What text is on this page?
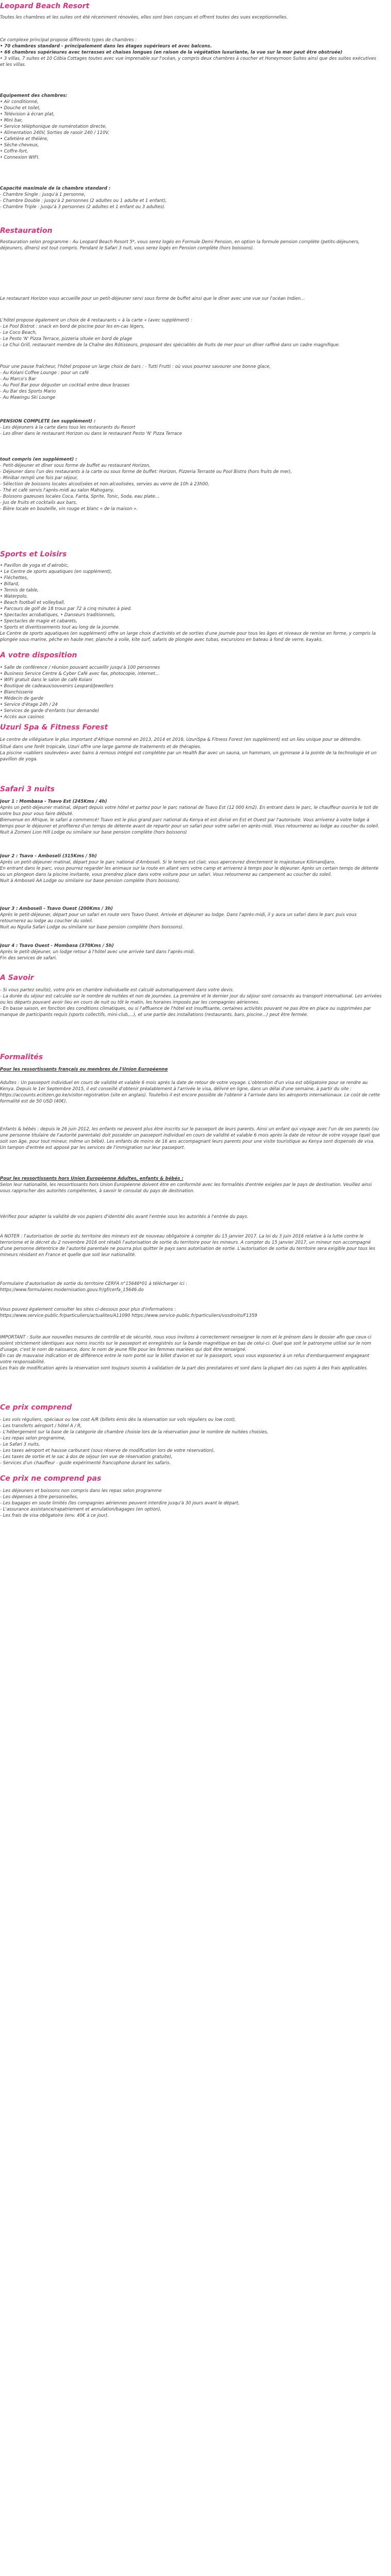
Leopard Beach Resort

Toutes les chambres et les suites ont été récemment rénovées, elles sont bien conçues et offrent toutes des vues exceptionnelles.

Ce complexe principal propose différents types de chambres :

• 70 chambres standard - principalement dans les étages supérieurs et avec balcons.
• 66 chambres supérieures avec terrasses et chaises longues (en raison de la végétation luxuriante, la vue sur la mer peut être obstruée)
• 3 villas, 7 suites et 10 Cóbia Cottages toutes avec vue imprenable sur l'océan, y compris deux chambres à coucher et Honeymoon Suites ainsi que des suites exécutives et les villas.

Equipement des chambres:

• Air conditionné,
• Douche et toilet,
• Télévision à écran plat,
• Mini bar,
• Service téléphonique de numérotation directe,
• Alimentation 240V, Sorties de rasoir 240 / 110V,
• Cafetière et théière,
• Sèche-cheveux,
• Coffre-fort,
• Connexion WIFI.

Capacité maximale de la chambre standard :

- Chambre Single : jusqu'à 1 personne,

- Chambre Double : jusqu'à 2 personnes (2 adultes ou 1 adulte et 1 enfant),

- Chambre Triple : jusqu'à 3 personnes (2 adultes et 1 enfant ou 3 adultes).

Restauration

Restauration selon programme : Au Leopard Beach Resort 5*, vous serez logés en Formule Demi Pension, en option la formule pension complète (petits-déjeuners, déjeuners, dîners) est tout compris. Pendant le Safari 3 nuit, vous serez logés en Pension complète (hors boissons).

Le restaurant Horizon vous accueille pour un petit-déjeuner servi sous forme de buffet ainsi que le dîner avec une vue sur l'océan Indien...

L'hôtel propose également un choix de 4 restaurants « à la carte » (avec supplément) :

- Le Pool Bistrot : snack en bord de piscine pour les en-cas légers,

- Le Coco Beach,

- Le Pesto 'N' Pizza Terrace, pizzeria située en bord de plage

- Le Chui Grill, restaurant membre de la Chaîne des Rôtisseurs, proposant des spécialités de fruits de mer pour un dîner raffiné dans un cadre magnifique.

Pour une pause fraîcheur, l'hôtel propose un large choix de bars : - Tutti Frutti : où vous pourrez savourer une bonne glace,

- Au Kolani Coffee Lounge : pour un café

- Au Marco's Bar

- Au Pool Bar pour déguster un cocktail entre deux brasses

- Au Bar des Sports Mario

- Au Mawingu Ski Lounge

PENSION COMPLETE (en supplément) :

- Les déjeuners à la carte dans tous les restaurants du Resort

- Les dîner dans le restaurant Horizon ou dans le restaurant Pesto 'N' Pizza Terrace

tout compris (en supplément) :

- Petit-déjeuner et dîner sous forme de buffet au restaurant Horizon,

- Déjeuner dans l'un des restaurants à la carte ou sous forme de buffet: Horizon, Pizzeria Terrasté ou Pool Bistro (hors fruits de mer),

- Minibar rempli une fois par séjour,

- Sélection de boissons locales alcoolisées et non-alcoolisées, servies au verre de 10h à 23h00,

- Thé et café servis l'après-midi au salon Mahogany,

- Boissons gazeuses locales Coca, Fanta, Sprite, Tonic, Soda, eau plate...

- Jus de fruits et cocktails aux bars,

- Bière locale en bouteille, vin rouge et blanc « de la maison ».

Sports et Loisirs
• Pavillon de yoga et d'aérobic,
• Le Centre de sports aquatiques (en supplément),
• Fléchettes,
• Billard,
• Tennis de table,
• Waterpolo,
• Beach football et volleyball,
• Parcours de golf de 18 trous par 72 à cinq minutes à pied.
• Spectacles acrobatiques, • Danseurs traditionnels,
• Spectacles de magie et cabarets,
• Sports et divertissements tout au long de la journée.

Le Centre de sports aquatiques (en supplément) offre un large choix d'activités et de sorties d'une journée pour tous les âges et niveaux de remise en forme, y compris la plongée sous-marine, pêche en haute mer, planche à voile, kite surf, safaris de plongée avec tubas, excursions en bateau à fond de verre, kayaks.

A votre disposition
• Salle de conférence / réunion pouvant accueillir jusqu'à 100 personnes
• Business Service Centre & Cyber Café avec fax, photocopie, internet...
• WIFI gratuit dans le salon de café Kolani
• Boutique de cadeaux/souvenirs Leopard/Jewellers
• Blanchisserie
• Médecin de garde
• Service d'étage 24h / 24
• Services de garde d'enfants (sur demande)
• Accès aux casinos
Uzuri Spa & Fitness Forest

Le centre de villégiature le plus important d'Afrique nommé en 2013, 2014 et 2016, UzuriSpa & Fitness Forest (en supplément) est un lieu unique pour se détendre.

Situé dans une forêt tropicale, Uzuri offre une large gamme de traitements et de thérapies.

La piscine «sabliers soulevées» avec bains à remous intégré est complétée par un Health Bar avec un sauna, un hammam, un gymnase à la pointe de la technologie et un pavillon de yoga.

Safari 3 nuits

Jour 1 : Mombasa - Tsavo Est (245Kms / 4h)

Après un petit-déjeuner matinal, départ depuis votre hôtel et partez pour le parc national de Tsavo Est (12 000 km2). En entrant dans le parc, le chauffeur ouvrira le toit de votre bus pour vous faire débuté.
Bienvenue en Afrique, le safari a commencé! Tsavo est le plus grand parc national du Kenya et est divisé en Est et Ouest par l'autoroute. Vous arriverez à votre lodge à temps pour le déjeuner et profiterez d'un temps de détente avant de repartir pour un safari pour votre safari en après-midi. Vous retournerez au lodge au coucher du soleil. Nuit à Zomeni Lion Hill Lodge ou similaire sur base pension complète (hors boissons)

Jour 2 : Tsavo - Amboseli (315Kms / 5h)

Après un petit-déjeuner matinal, départ pour le parc national d'Amboseli. Si le temps est clair, vous apercevrez directement le majestueux Kilimandjaro.
En entrant dans le parc, vous pourrez regarder les animaux sur la route en allant vers votre camp et arriverez à temps pour le déjeuner. Après un certain temps de détente ou un plongeon dans la piscine invitante, vous prendrez place dans votre voiture pour un safari. Vous retournerez au campement au coucher du soleil.
Nuit à Amboseli AA Lodge ou similaire sur base pension complète (hors boissons).

Jour 3 : Amboseli - Tsavo Ouest (200Kms / 3h)

Après le petit-déjeuner, départ pour un safari en route vers Tsavo Ouest. Arrivée et déjeuner au lodge. Dans l'après-midi, il y aura un safari dans le parc puis vous retournerez au lodge au coucher du soleil.
Nuit au Ngulia Safari Lodge ou similaire sur base pension complète (hors boissons).

Jour 4 : Tsavo Ouest - Mombasa (370Kms / 5h)

Après le petit-déjeuner, un lodge retour à l'hôtel avec une arrivée tard dans l'après-midi.
Fin des services de safari.

A Savoir

- Si vous partez seul(e), votre prix en chambre individuelle est calculé automatiquement dans votre devis.

- La durée du séjour est calculée sur le nombre de nuitées et non de journées. La première et le dernier jour du séjour sont consacrés au transport international. Les arrivées ou les départs pouvant avoir lieu en cours de nuit ou tôt le matin, les horaires imposés par les compagnies aériennes.

- En basse saison, en fonction des conditions climatiques, ou si l'affluence de l'hôtel est insuffisante, certaines activités pouvant ne pas être en place ou supprimées par manque de participants requis (sports collectifs, mini-club,...), et une partie des installations (restaurants, bars, piscine...) peut être fermée.

Formalités

Pour les ressortissants français ou membres de l'Union Européenne

Adultes : Un passeport individuel en cours de validité et valable 6 mois après la date de retour de votre voyage. L'obtention d'un visa est obligatoire pour se rendre au Kenya. Depuis le 1er Septembre 2015, il est conseillé d'obtenir préalablement à l'arrivée le visa, délivré en ligne, dans un délai d'une semaine, à partir du site : https://accounts.ecitizen.go.ke/visitor-registration (site en anglais). Toutefois il est encore possible de l'obtenir à l'arrivée dans les aéroports internationaux. Le coût de cette formalité est de 50 USD (40€).

Enfants & bébés : depuis le 26 juin 2012, les enfants ne peuvent plus être inscrits sur le passeport de leurs parents. Ainsi un enfant qui voyage avec l'un de ses parents (ou une personne titulaire de l'autorité parentale) doit posséder un passeport individuel en cours de validité et valable 6 mois après la date de retour de votre voyage (quel que soit son âge, pour tout mineur, même un bébé). Les enfants de moins de 16 ans accompagnant leurs parents pour une visite touristique au Kenya sont dispensés de visa. Un tampon d'entrée est apposé par les services de l'immigration sur leur passeport.

Pour les ressortissants hors Union Européenne Adultes, enfants & bébés :

Selon leur nationalité, les ressortissants hors Union Européenne doivent être en conformité avec les formalités d'entrée exigées par le pays de destination. Veuillez ainsi vous rapprocher des autorités compétentes, à savoir le consulat du pays de destination.

Vérifiez pour adapter la validité de vos papiers d'identité dès avant l'entrée sous les autorités à l'entrée du pays.

A NOTER : l'autorisation de sortie du territoire des mineurs est de nouveau obligatoire à compter du 15 janvier 2017. La loi du 3 juin 2016 relative à la lutte contre le terrorisme et le décret du 2 novembre 2016 ont rétabli l'autorisation de sortie du territoire pour les mineurs. A compter du 15 janvier 2017, un mineur non accompagné d'une personne détentrice de l'autorité parentale ne pourra plus quitter le pays sans autorisation de sortie. L'autorisation de sortie du territoire sera exigible pour tous les mineurs résidant en France et quelle que soit leur nationalité.

Formulaire d'autorisation de sortie du territoire CERFA n°15646*01 à télécharger ici :
https://www.formulaires.modernisation.gouv.fr/gf/cerfa_15646.do

Vous pouvez également consulter les sites ci-dessous pour plus d'informations :
https://www.service-public.fr/particuliers/actualites/A11090 https://www.service-public.fr/particuliers/vosdroits/F1359

IMPORTANT : Suite aux nouvelles mesures de contrôle et de sécurité, nous vous invitons à correctement renseigner le nom et le prénom dans le dossier afin que ceux-ci soient strictement identiques aux noms inscrits sur le passeport et enregistrés sur la bande magnétique en bas de celui-ci. Quel que soit le patronyme utilisé sur le nom d'usage, c'est le nom de naissance, donc le nom de jeune fille pour les femmes mariées qui doit être renseigné.
En cas de mauvaise indication et de différence entre le nom porté sur le billet d'avion et sur le passeport, vous vous exposeriez à un refus d'embarquement engageant votre responsabilité.
Les frais de modification après la réservation sont toujours soumis à validation de la part des prestataires et sont dans la plupart des cas sujets à des frais applicables.

Ce prix comprend

- Les vols réguliers, spéciaux ou low cost A/R (billets émis dès la réservation sur vols réguliers ou low cost),

- Les transferts aéroport / hôtel A / R,

- L'hébergement sur la base de la catégorie de chambre choisie lors de la réservation pour le nombre de nuitées choisies,

- Les repas selon programme,

- Le Safari 3 nuits,

- Les taxes aéroport et hausse carburant (sous réserve de modification lors de votre réservation),

- Les taxes de sortie et le sac à dos de séjour (en vue de réservation gratuite),

- Services d'un chauffeur - guide expérimenté francophone durant les safaris.

Ce prix ne comprend pas

- Les déjeuners et boissons non compris dans les repas selon programme

- Les dépenses à titre personnelles,

- Les bagages en soute limités (les compagnies aériennes peuvent interdire jusqu'à 30 jours avant le départ,

- L'assurance assistance/rapatriement et annulation/bagages (en option),

- Les frais de visa obligatoire (env. 40€ à ce jour).
